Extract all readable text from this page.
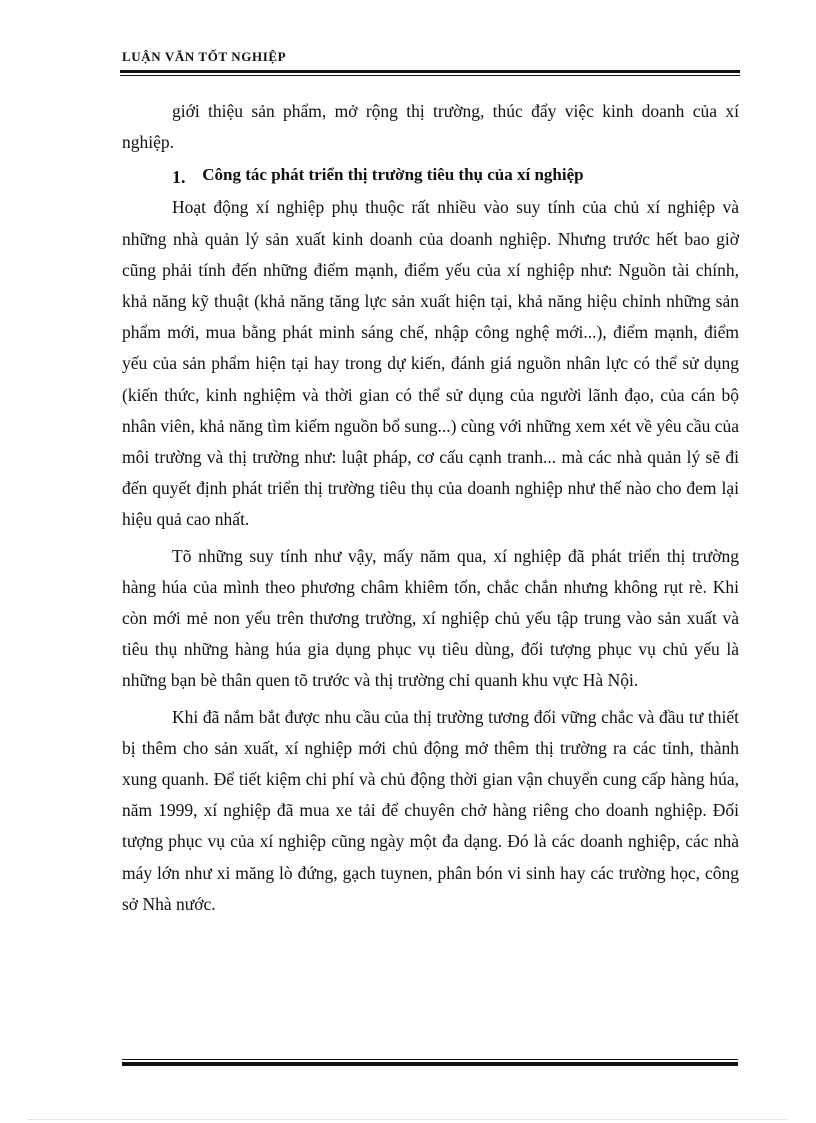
LUẬN VĂN TỐT NGHIỆP

giới thiệu sản phẩm, mở rộng thị trường, thúc đẩy việc kinh doanh của xí nghiệp.

1. Công tác phát triển thị trường tiêu thụ của xí nghiệp

Hoạt động xí nghiệp phụ thuộc rất nhiều vào suy tính của chủ xí nghiệp và những nhà quản lý sản xuất kinh doanh của doanh nghiệp. Nhưng trước hết bao giờ cũng phải tính đến những điểm mạnh, điểm yếu của xí nghiệp như: Nguồn tài chính, khả năng kỹ thuật (khả năng tăng lực sản xuất hiện tại, khả năng hiệu chỉnh những sản phẩm mới, mua bằng phát minh sáng chế, nhập công nghệ mới...), điểm mạnh, điểm yếu của sản phẩm hiện tại hay trong dự kiến, đánh giá nguồn nhân lực có thể sử dụng (kiến thức, kinh nghiệm và thời gian có thể sử dụng của người lãnh đạo, của cán bộ nhân viên, khả năng tìm kiếm nguồn bổ sung...) cùng với những xem xét về yêu cầu của môi trường và thị trường như: luật pháp, cơ cấu cạnh tranh... mà các nhà quản lý sẽ đi đến quyết định phát triển thị trường tiêu thụ của doanh nghiệp như thế nào cho đem lại hiệu quả cao nhất.

Tõ những suy tính như vậy, mấy năm qua, xí nghiệp đã phát triển thị trường hàng húa của mình theo phương châm khiêm tốn, chắc chắn nhưng không rụt rè. Khi còn mới mẻ non yếu trên thương trường, xí nghiệp chủ yếu tập trung vào sản xuất và tiêu thụ những hàng húa gia dụng phục vụ tiêu dùng, đối tượng phục vụ chủ yếu là những bạn bè thân quen tõ trước và thị trường chỉ quanh khu vực Hà Nội.

Khi đã nắm bắt được nhu cầu của thị trường tương đối vững chắc và đầu tư thiết bị thêm cho sản xuất, xí nghiệp mới chủ động mở thêm thị trường ra các tỉnh, thành xung quanh. Để tiết kiệm chi phí và chủ động thời gian vận chuyển cung cấp hàng húa, năm 1999, xí nghiệp đã mua xe tải để chuyên chở hàng riêng cho doanh nghiệp. Đối tượng phục vụ của xí nghiệp cũng ngày một đa dạng. Đó là các doanh nghiệp, các nhà máy lớn như xi măng lò đứng, gạch tuynen, phân bón vi sinh hay các trường học, công sở Nhà nước.
